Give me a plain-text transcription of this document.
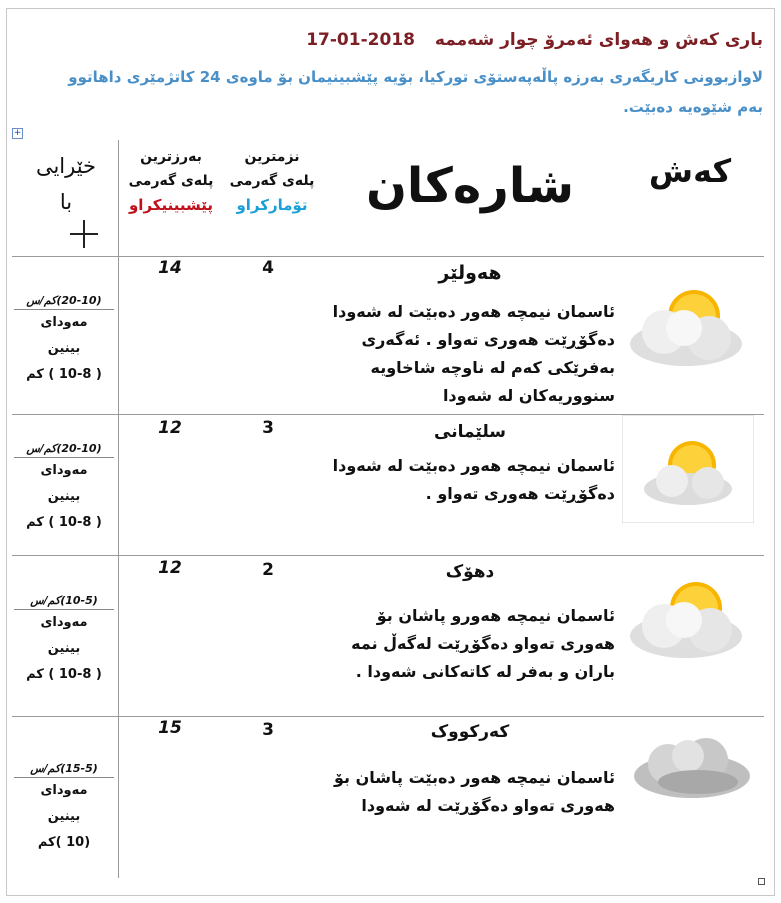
باری کەش و هەوای ئەمرۆ چوار شەممە 2018-01-17
لاوازبوونی کاریگەری بەرزە پاڵەپەستۆی تورکیا، بۆیە پێشبینیمان بۆ ماوەی 24 کاتژمێری داهاتوو بەم شێوەیە دەبێت.
+
کەش
شارەکان
نزمترین
پلەی گەرمی
تۆمارکراو
بەرزترین
پلەی گەرمی
پێشبینیکراو
خێرایی
با
هەولێر
4
14
ئاسمان نیمچە هەور دەبێت لە شەودا دەگۆڕێت هەوری تەواو . ئەگەری بەفرێکی کەم لە ناوچە شاخاویە سنووریەکان لە شەودا
(20-10)کم/س
مەودای
بینین
( 10-8 ) کم
سلێمانی
3
12
ئاسمان نیمچە هەور دەبێت لە شەودا دەگۆڕێت هەوری تەواو .
(20-10)کم/س
مەودای
بینین
( 10-8 ) کم
دهۆک
2
12
ئاسمان نیمچە هەورو پاشان بۆ هەوری تەواو دەگۆڕێت لەگەڵ نمە باران و بەفر لە کاتەکانی شەودا .
(10-5)کم/س
مەودای
بینین
( 10-8 ) کم
کەرکووک
3
15
ئاسمان نیمچە هەور دەبێت پاشان بۆ هەوری تەواو دەگۆڕێت لە شەودا
(15-5)کم/س
مەودای
بینین
(10 )کم
